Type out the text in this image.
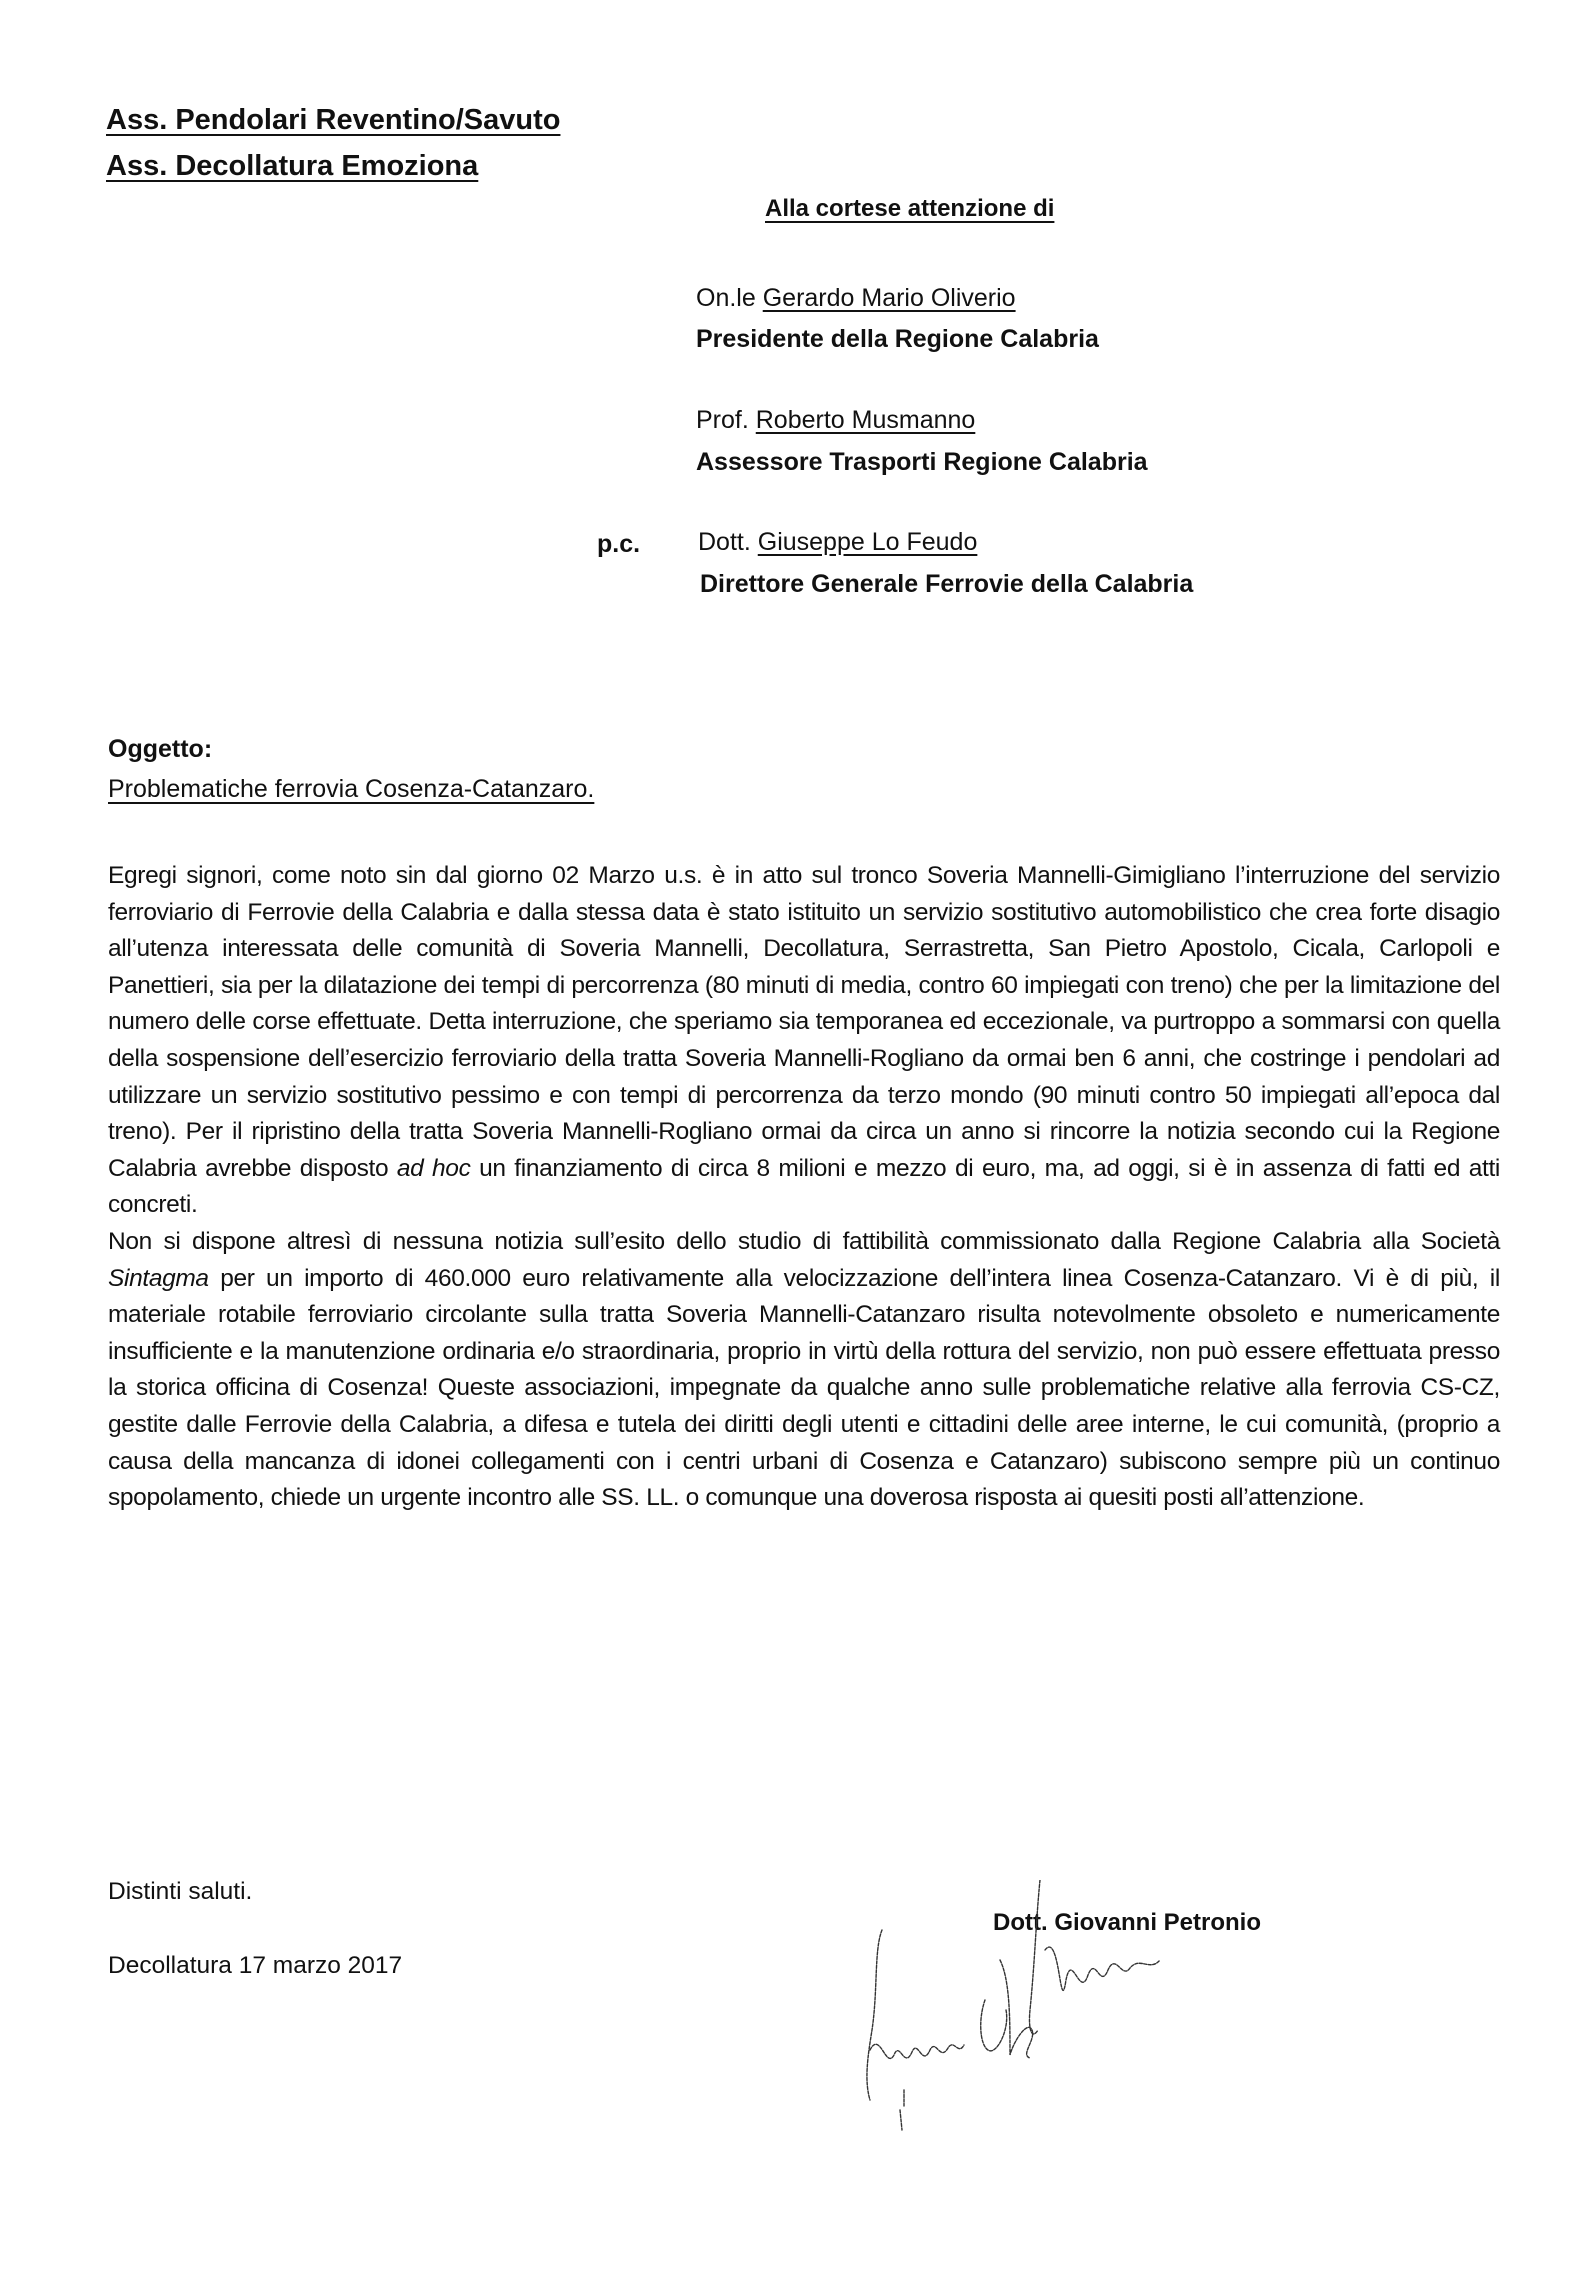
Ass. Pendolari Reventino/Savuto
Ass. Decollatura Emoziona
Alla cortese attenzione di
On.le Gerardo Mario Oliverio
Presidente della Regione Calabria
Prof. Roberto Musmanno
Assessore Trasporti Regione Calabria
p.c. Dott. Giuseppe Lo Feudo
Direttore Generale Ferrovie della Calabria
Oggetto:
Problematiche ferrovia Cosenza-Catanzaro.

Egregi signori, come noto sin dal giorno 02 Marzo u.s. è in atto sul tronco Soveria Mannelli-Gimigliano l’interruzione del servizio ferroviario di Ferrovie della Calabria e dalla stessa data è stato istituito un servizio sostitutivo automobilistico che crea forte disagio all’utenza interessata delle comunità di Soveria Mannelli, Decollatura, Serrastretta, San Pietro Apostolo, Cicala, Carlopoli e Panettieri, sia per la dilatazione dei tempi di percorrenza (80 minuti di media, contro 60 impiegati con treno) che per la limitazione del numero delle corse effettuate. Detta interruzione, che speriamo sia temporanea ed eccezionale, va purtroppo a sommarsi con quella della sospensione dell’esercizio ferroviario della tratta Soveria Mannelli-Rogliano da ormai ben 6 anni, che costringe i pendolari ad utilizzare un servizio sostitutivo pessimo e con tempi di percorrenza da terzo mondo (90 minuti contro 50 impiegati all’epoca dal treno). Per il ripristino della tratta Soveria Mannelli-Rogliano ormai da circa un anno si rincorre la notizia secondo cui la Regione Calabria avrebbe disposto ad hoc un finanziamento di circa 8 milioni e mezzo di euro, ma, ad oggi, si è in assenza di fatti ed atti concreti.

Non si dispone altresì di nessuna notizia sull’esito dello studio di fattibilità commissionato dalla Regione Calabria alla Società Sintagma per un importo di 460.000 euro relativamente alla velocizzazione dell’intera linea Cosenza-Catanzaro. Vi è di più, il materiale rotabile ferroviario circolante sulla tratta Soveria Mannelli-Catanzaro risulta notevolmente obsoleto e numericamente insufficiente e la manutenzione ordinaria e/o straordinaria, proprio in virtù della rottura del servizio, non può essere effettuata presso la storica officina di Cosenza! Queste associazioni, impegnate da qualche anno sulle problematiche relative alla ferrovia CS-CZ, gestite dalle Ferrovie della Calabria, a difesa e tutela dei diritti degli utenti e cittadini delle aree interne, le cui comunità, (proprio a causa della mancanza di idonei collegamenti con i centri urbani di Cosenza e Catanzaro) subiscono sempre più un continuo spopolamento, chiede un urgente incontro alle SS. LL. o comunque una doverosa risposta ai quesiti posti all’attenzione.

Distinti saluti.
Decollatura 17 marzo 2017
Dott. Giovanni Petronio
